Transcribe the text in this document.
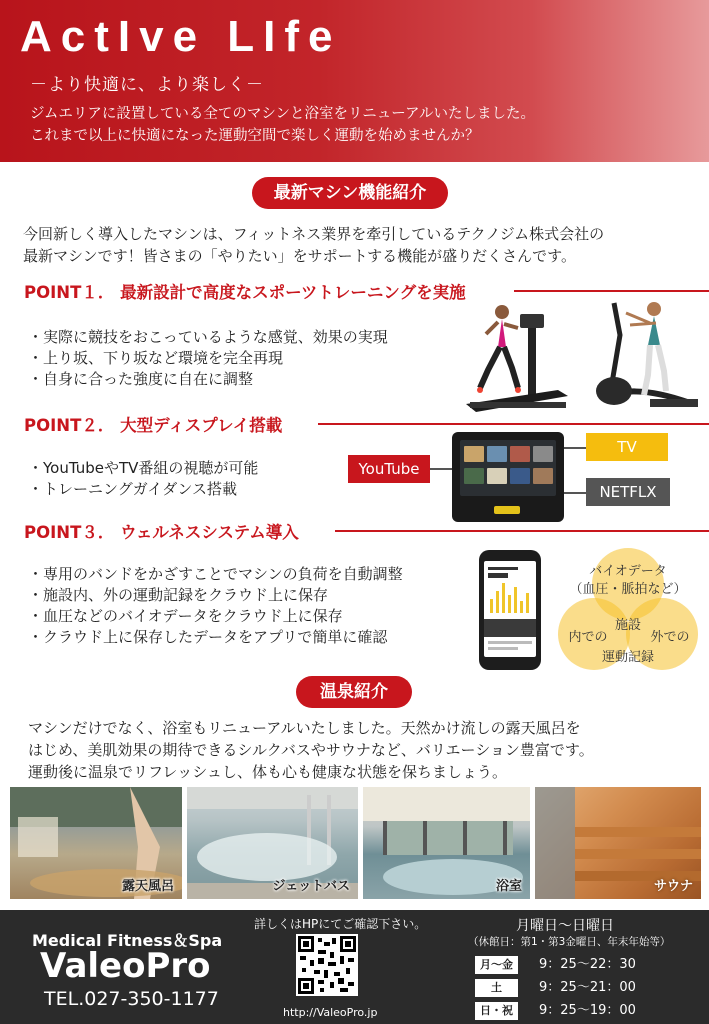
ActIve LIfe
－より快適に、より楽しく－
ジムエリアに設置している全てのマシンと浴室をリニューアルいたしました。
これまで以上に快適になった運動空間で楽しく運動を始めませんか？
最新マシン機能紹介
今回新しく導入したマシンは、フィットネス業界を牽引しているテクノジム株式会社の
最新マシンです！皆さまの「やりたい」をサポートする機能が盛りだくさんです。
POINT１． 最新設計で高度なスポーツトレーニングを実施
・ 実際に競技をおこっているような感覚、効果の実現
・ 上り坂、下り坂など環境を完全再現
・ 自身に合った強度に自在に調整
POINT２． 大型ディスプレイ搭載
・ YouTubeやTV番組の視聴が可能
・ トレーニングガイダンス搭載
YouTube
TV
NETFLX
POINT３． ウェルネスシステム導入
・ 専用のバンドをかざすことでマシンの負荷を自動調整
・ 施設内、外の運動記録をクラウド上に保存
・ 血圧などのバイオデータをクラウド上に保存
・ クラウド上に保存したデータをアプリで簡単に確認
バイオデータ
（血圧・脈拍など）
施設
内での	外での
運動記録
温泉紹介
マシンだけでなく、浴室もリニューアルいたしました。天然かけ流しの露天風呂を
はじめ、美肌効果の期待できるシルクバスやサウナなど、バリエーション豊富です。
運動後に温泉でリフレッシュし、体も心も健康な状態を保ちましょう。
露天風呂	ジェットバス	浴室	サウナ
Medical Fitness＆Spa
ValeoPro
TEL.027-350-1177
詳しくはHPにてご確認下さい。
http://ValeoPro.jp
月曜日～日曜日
（休館日：第1・第3金曜日、年末年始等）
月～金	9：25～22：30
土	9：25～21：00
日・祝	9：25～19：00
